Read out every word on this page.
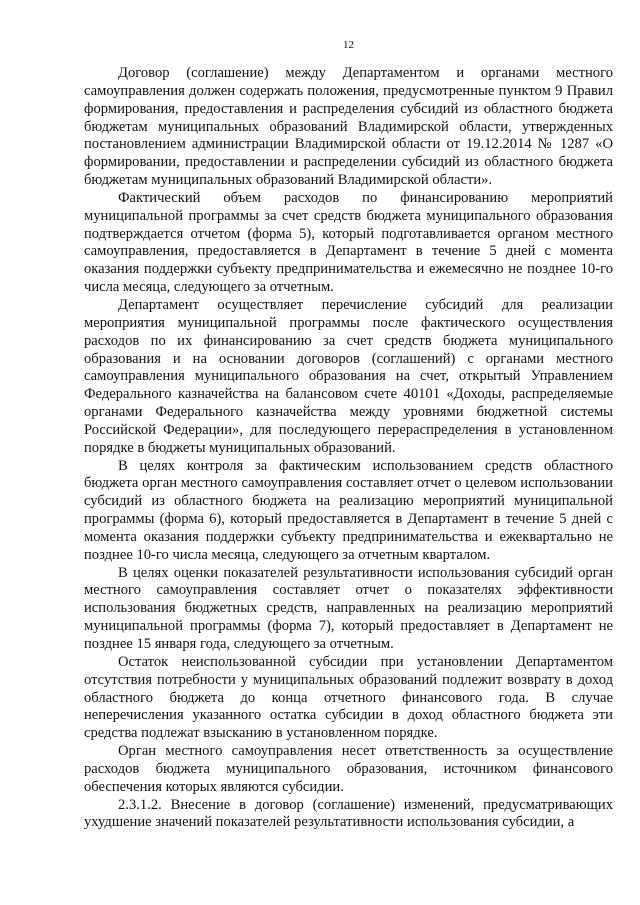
12

Договор (соглашение) между Департаментом и органами местного самоуправления должен содержать положения, предусмотренные пунктом 9 Правил формирования, предоставления и распределения субсидий из областного бюджета бюджетам муниципальных образований Владимирской области, утвержденных постановлением администрации Владимирской области от 19.12.2014 № 1287 «О формировании, предоставлении и распределении субсидий из областного бюджета бюджетам муниципальных образований Владимирской области».

Фактический объем расходов по финансированию мероприятий муниципальной программы за счет средств бюджета муниципального образования подтверждается отчетом (форма 5), который подготавливается органом местного самоуправления, предоставляется в Департамент в течение 5 дней с момента оказания поддержки субъекту предпринимательства и ежемесячно не позднее 10-го числа месяца, следующего за отчетным.

Департамент осуществляет перечисление субсидий для реализации мероприятия муниципальной программы после фактического осуществления расходов по их финансированию за счет средств бюджета муниципального образования и на основании договоров (соглашений) с органами местного самоуправления муниципального образования на счет, открытый Управлением Федерального казначейства на балансовом счете 40101 «Доходы, распределяемые органами Федерального казначейства между уровнями бюджетной системы Российской Федерации», для последующего перераспределения в установленном порядке в бюджеты муниципальных образований.

В целях контроля за фактическим использованием средств областного бюджета орган местного самоуправления составляет отчет о целевом использовании субсидий из областного бюджета на реализацию мероприятий муниципальной программы (форма 6), который предоставляется в Департамент в течение 5 дней с момента оказания поддержки субъекту предпринимательства и ежеквартально не позднее 10-го числа месяца, следующего за отчетным кварталом.

В целях оценки показателей результативности использования субсидий орган местного самоуправления составляет отчет о показателях эффективности использования бюджетных средств, направленных на реализацию мероприятий муниципальной программы (форма 7), который предоставляет в Департамент не позднее 15 января года, следующего за отчетным.

Остаток неиспользованной субсидии при установлении Департаментом отсутствия потребности у муниципальных образований подлежит возврату в доход областного бюджета до конца отчетного финансового года. В случае неперечисления указанного остатка субсидии в доход областного бюджета эти средства подлежат взысканию в установленном порядке.

Орган местного самоуправления несет ответственность за осуществление расходов бюджета муниципального образования, источником финансового обеспечения которых являются субсидии.

2.3.1.2. Внесение в договор (соглашение) изменений, предусматривающих ухудшение значений показателей результативности использования субсидии, а
